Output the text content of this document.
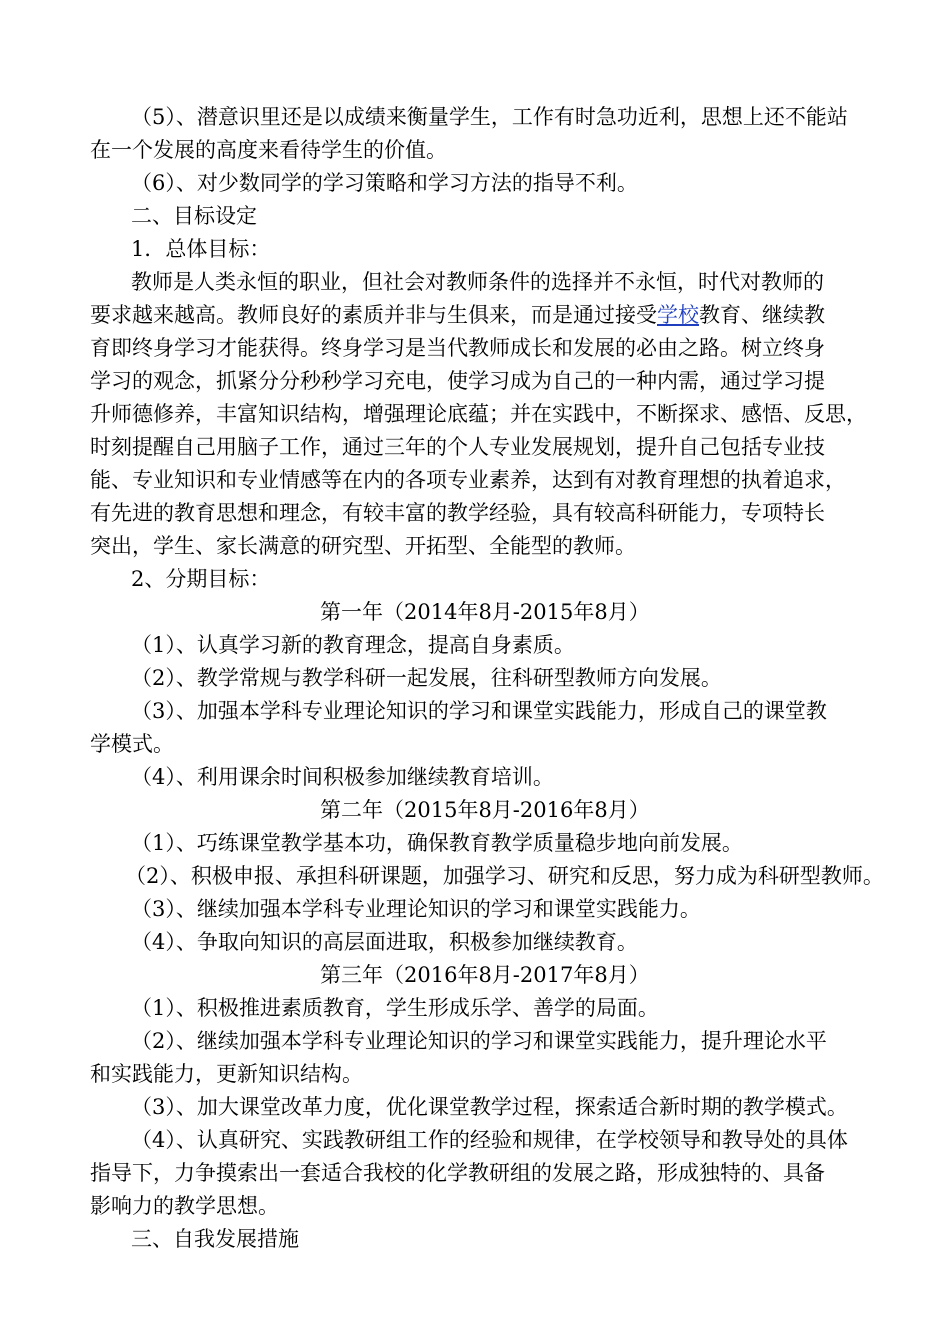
（5）、潜意识里还是以成绩来衡量学生，工作有时急功近利，思想上还不能站
在一个发展的高度来看待学生的价值。
（6）、对少数同学的学习策略和学习方法的指导不利。
二、目标设定
1．总体目标：
教师是人类永恒的职业，但社会对教师条件的选择并不永恒，时代对教师的
要求越来越高。教师良好的素质并非与生俱来，而是通过接受学校教育、继续教
育即终身学习才能获得。终身学习是当代教师成长和发展的必由之路。树立终身
学习的观念，抓紧分分秒秒学习充电，使学习成为自己的一种内需，通过学习提
升师德修养，丰富知识结构，增强理论底蕴；并在实践中，不断探求、感悟、反思，
时刻提醒自己用脑子工作，通过三年的个人专业发展规划，提升自己包括专业技
能、专业知识和专业情感等在内的各项专业素养，达到有对教育理想的执着追求，
有先进的教育思想和理念，有较丰富的教学经验，具有较高科研能力，专项特长
突出，学生、家长满意的研究型、开拓型、全能型的教师。
2、分期目标：
第一年（2014年8月-2015年8月）
（1）、认真学习新的教育理念，提高自身素质。
（2）、教学常规与教学科研一起发展，往科研型教师方向发展。
（3）、加强本学科专业理论知识的学习和课堂实践能力，形成自己的课堂教
学模式。
（4）、利用课余时间积极参加继续教育培训。
第二年（2015年8月-2016年8月）
（1）、巧练课堂教学基本功，确保教育教学质量稳步地向前发展。
（2）、积极申报、承担科研课题，加强学习、研究和反思，努力成为科研型教师。
（3）、继续加强本学科专业理论知识的学习和课堂实践能力。
（4）、争取向知识的高层面进取，积极参加继续教育。
第三年（2016年8月-2017年8月）
（1）、积极推进素质教育，学生形成乐学、善学的局面。
（2）、继续加强本学科专业理论知识的学习和课堂实践能力，提升理论水平
和实践能力，更新知识结构。
（3）、加大课堂改革力度，优化课堂教学过程，探索适合新时期的教学模式。
（4）、认真研究、实践教研组工作的经验和规律，在学校领导和教导处的具体
指导下，力争摸索出一套适合我校的化学教研组的发展之路，形成独特的、具备
影响力的教学思想。
三、自我发展措施
